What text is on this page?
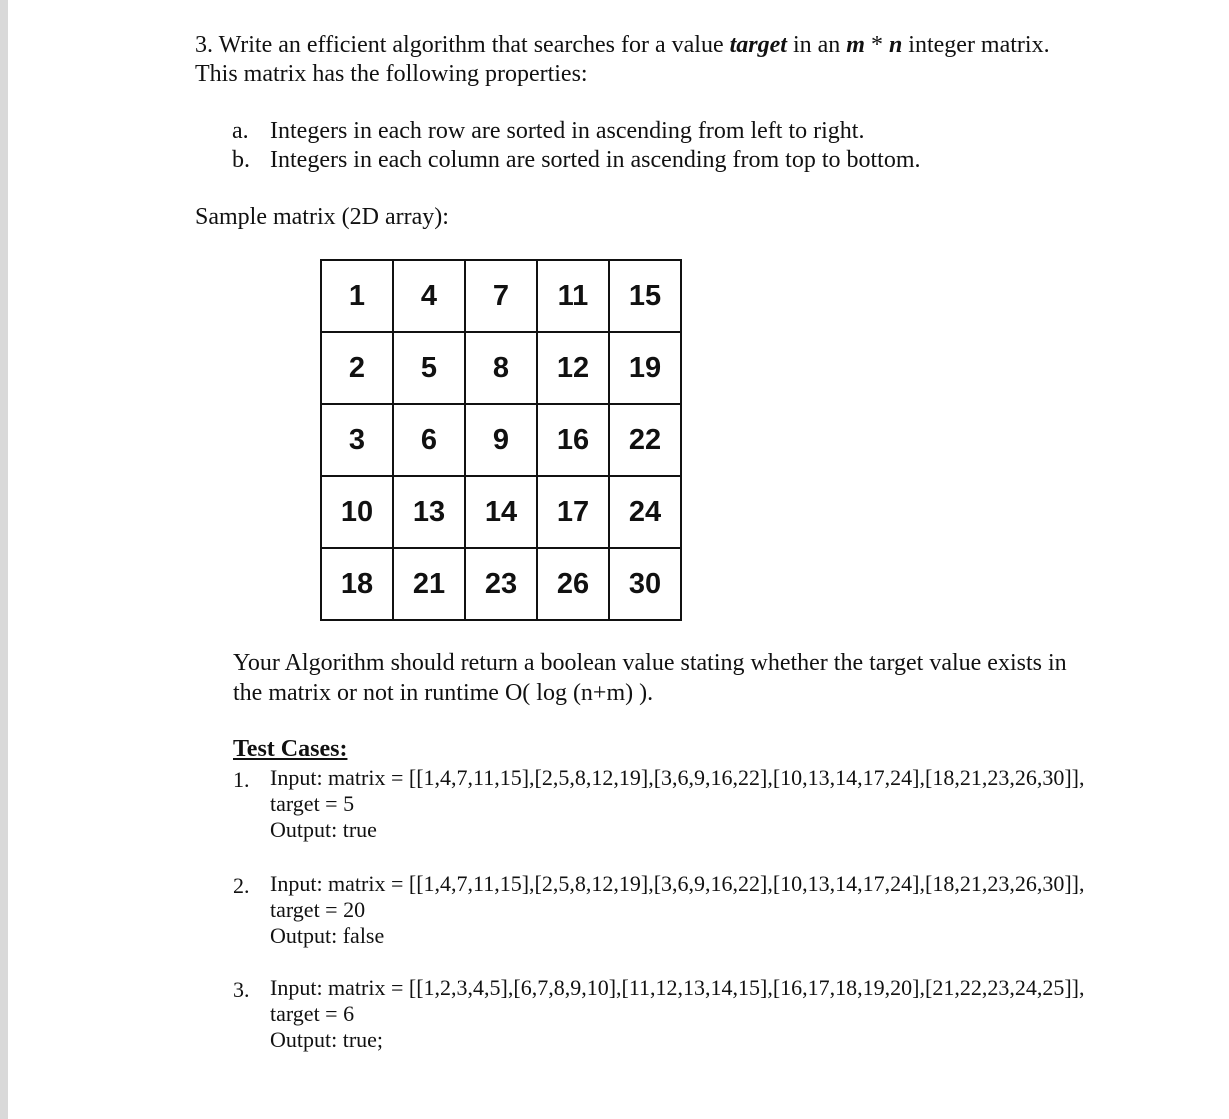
3. Write an efficient algorithm that searches for a value target in an m * n integer matrix.
This matrix has the following properties:
a. Integers in each row are sorted in ascending from left to right.
b. Integers in each column are sorted in ascending from top to bottom.
Sample matrix (2D array):
1	4	7	11	15
2	5	8	12	19
3	6	9	16	22
10	13	14	17	24
18	21	23	26	30
Your Algorithm should return a boolean value stating whether the target value exists in
the matrix or not in runtime O( log (n+m) ).
Test Cases:
1. Input: matrix = [[1,4,7,11,15],[2,5,8,12,19],[3,6,9,16,22],[10,13,14,17,24],[18,21,23,26,30]],
target = 5
Output: true
2. Input: matrix = [[1,4,7,11,15],[2,5,8,12,19],[3,6,9,16,22],[10,13,14,17,24],[18,21,23,26,30]],
target = 20
Output: false
3. Input: matrix = [[1,2,3,4,5],[6,7,8,9,10],[11,12,13,14,15],[16,17,18,19,20],[21,22,23,24,25]],
target = 6
Output: true;
